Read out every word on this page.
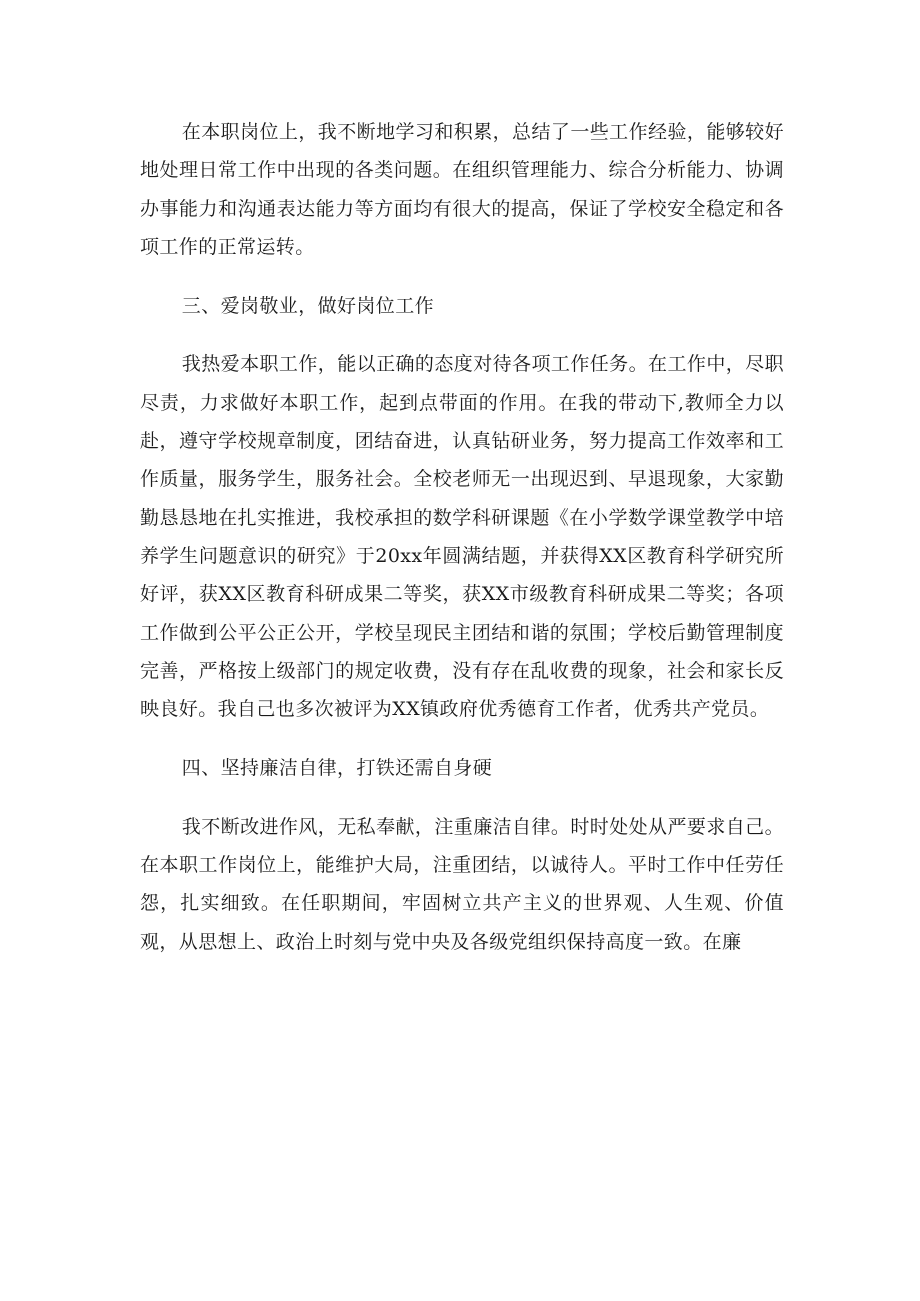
在本职岗位上，我不断地学习和积累，总结了一些工作经验，能够较好地处理日常工作中出现的各类问题。在组织管理能力、综合分析能力、协调办事能力和沟通表达能力等方面均有很大的提高，保证了学校安全稳定和各项工作的正常运转。

三、爱岗敬业，做好岗位工作

我热爱本职工作，能以正确的态度对待各项工作任务。在工作中，尽职尽责，力求做好本职工作，起到点带面的作用。在我的带动下,教师全力以赴，遵守学校规章制度，团结奋进，认真钻研业务，努力提高工作效率和工作质量，服务学生，服务社会。全校老师无一出现迟到、早退现象，大家勤勤恳恳地在扎实推进，我校承担的数学科研课题《在小学数学课堂教学中培养学生问题意识的研究》于20xx年圆满结题，并获得XX区教育科学研究所好评，获XX区教育科研成果二等奖，获XX市级教育科研成果二等奖；各项工作做到公平公正公开，学校呈现民主团结和谐的氛围；学校后勤管理制度完善，严格按上级部门的规定收费，没有存在乱收费的现象，社会和家长反映良好。我自己也多次被评为XX镇政府优秀德育工作者，优秀共产党员。

四、坚持廉洁自律，打铁还需自身硬

我不断改进作风，无私奉献，注重廉洁自律。时时处处从严要求自己。在本职工作岗位上，能维护大局，注重团结，以诚待人。平时工作中任劳任怨，扎实细致。在任职期间，牢固树立共产主义的世界观、人生观、价值观，从思想上、政治上时刻与党中央及各级党组织保持高度一致。在廉
